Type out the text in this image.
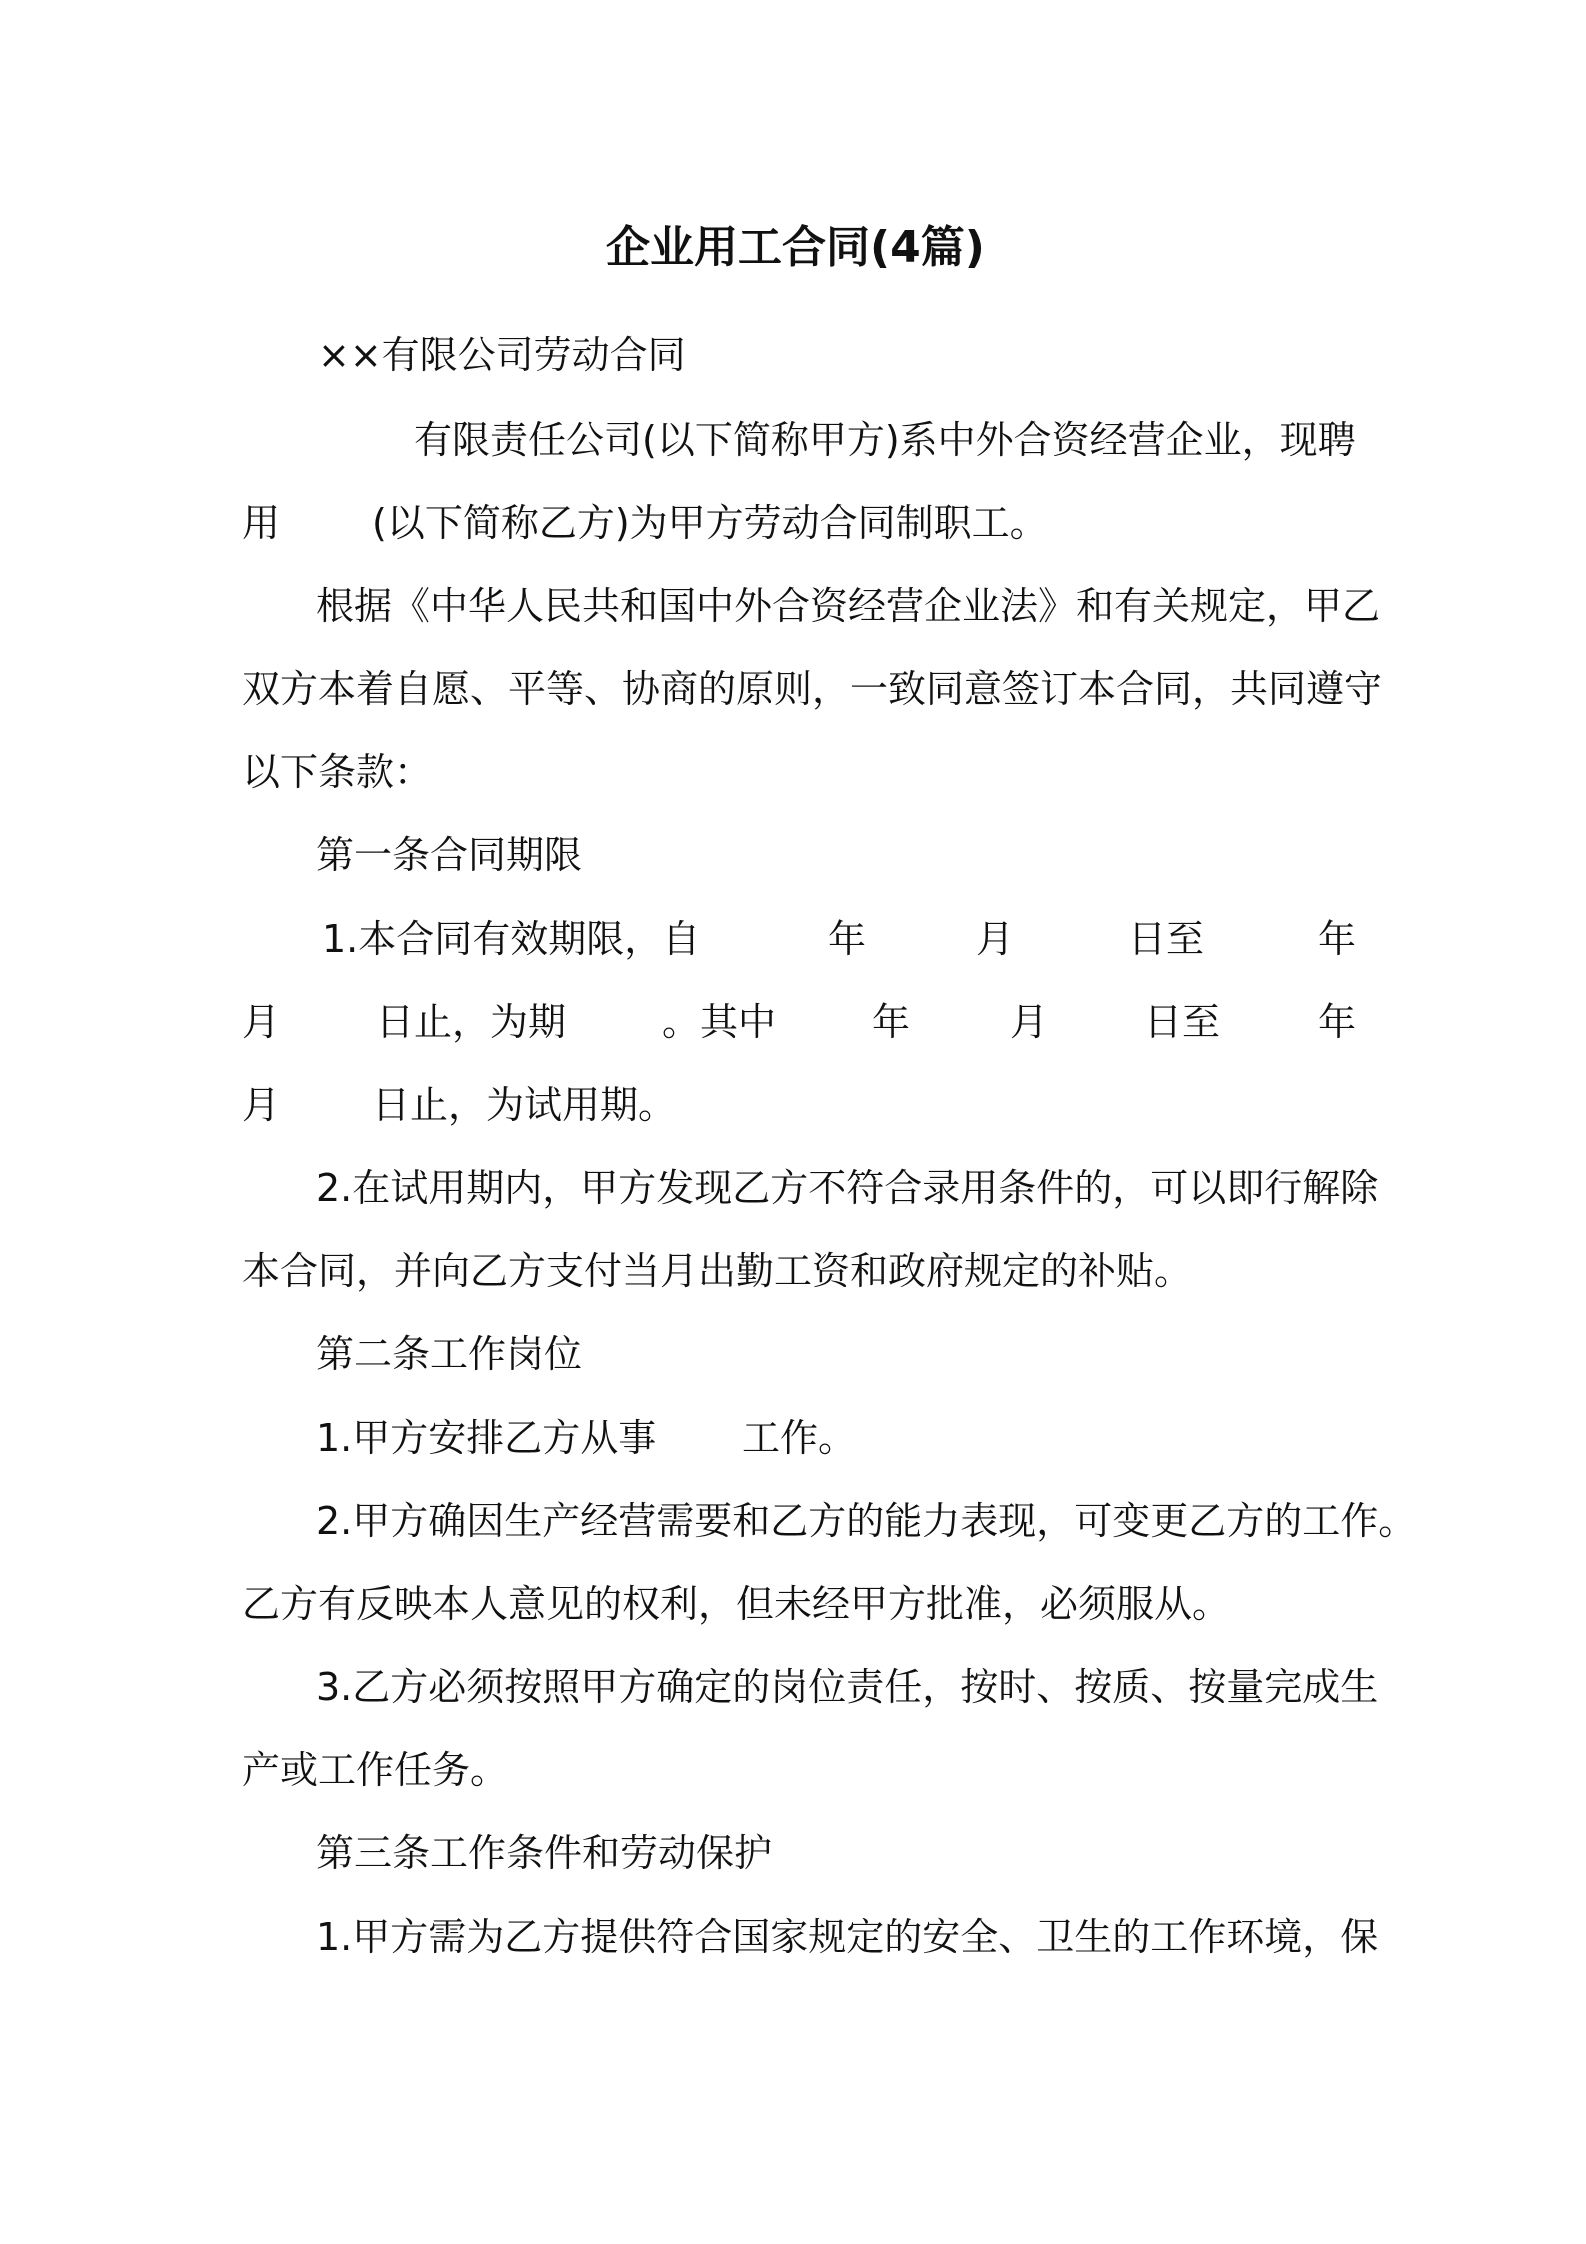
企业用工合同(4篇)
××有限公司劳动合同
有限责任公司(以下简称甲方)系中外合资经营企业，现聘
用 (以下简称乙方)为甲方劳动合同制职工。
根据《中华人民共和国中外合资经营企业法》和有关规定，甲乙
双方本着自愿、平等、协商的原则，一致同意签订本合同，共同遵守
以下条款：
第一条合同期限
1.本合同有效期限，自	年	月	日至	年
月	日止，为期	。其中	年	月	日至	年
月 日止，为试用期。
2.在试用期内，甲方发现乙方不符合录用条件的，可以即行解除
本合同，并向乙方支付当月出勤工资和政府规定的补贴。
第二条工作岗位
1.甲方安排乙方从事 工作。
2.甲方确因生产经营需要和乙方的能力表现，可变更乙方的工作。
乙方有反映本人意见的权利，但未经甲方批准，必须服从。
3.乙方必须按照甲方确定的岗位责任，按时、按质、按量完成生
产或工作任务。
第三条工作条件和劳动保护
1.甲方需为乙方提供符合国家规定的安全、卫生的工作环境，保
